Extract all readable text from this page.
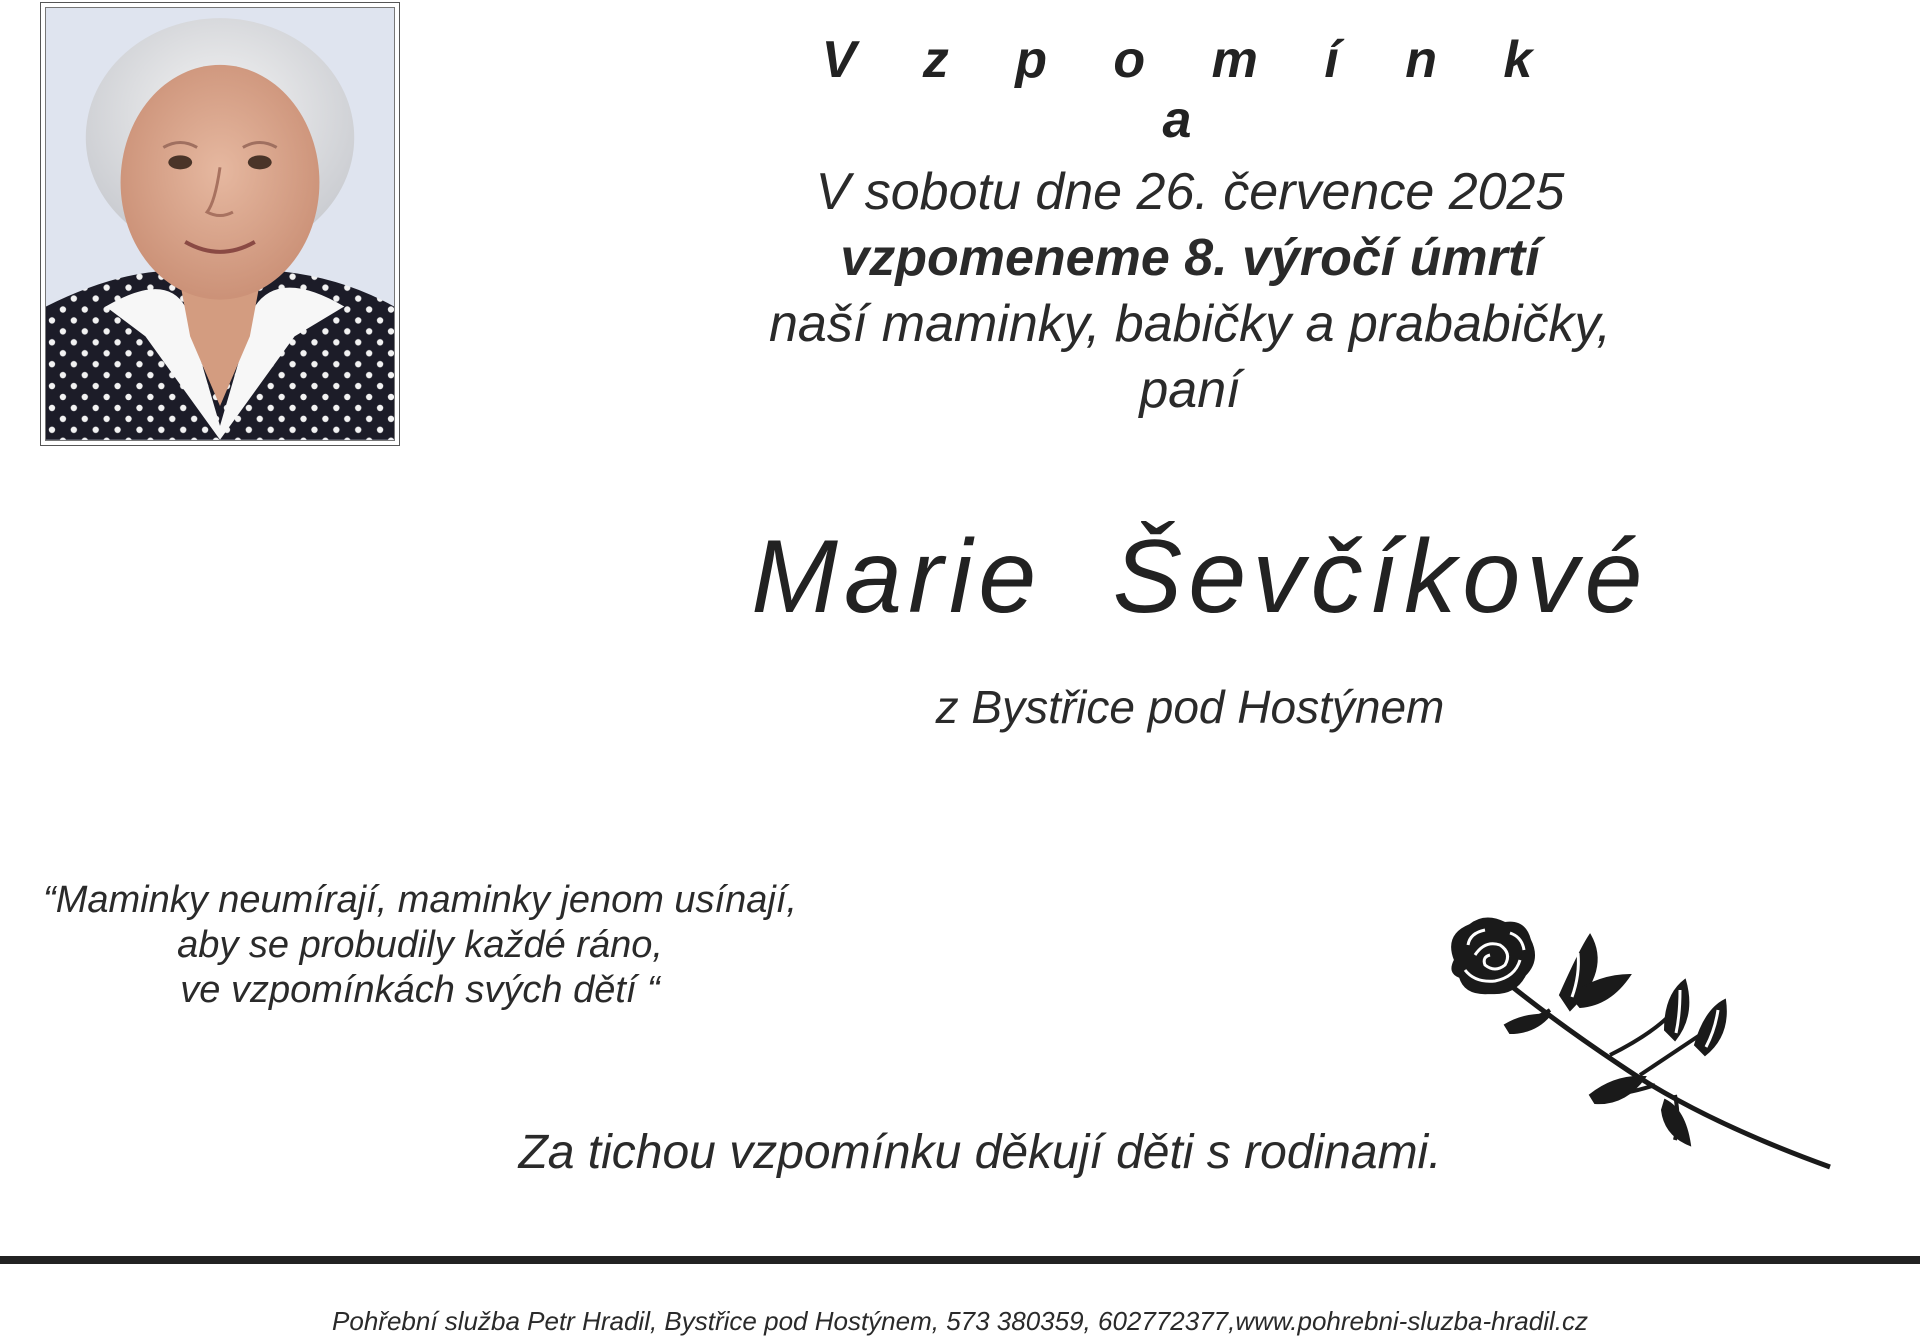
V z p o m í n k a
V sobotu dne 26. července 2025
vzpomeneme 8. výročí úmrtí
naší maminky, babičky a prababičky,
paní
Marie  Ševčíkové
z Bystřice pod Hostýnem
“Maminky neumírají, maminky jenom usínají,
aby se probudily každé ráno,
ve vzpomínkách svých dětí “
Za tichou vzpomínku děkují děti s rodinami.
Pohřební služba Petr Hradil, Bystřice pod Hostýnem, 573 380359, 602772377,www.pohrebni-sluzba-hradil.cz
